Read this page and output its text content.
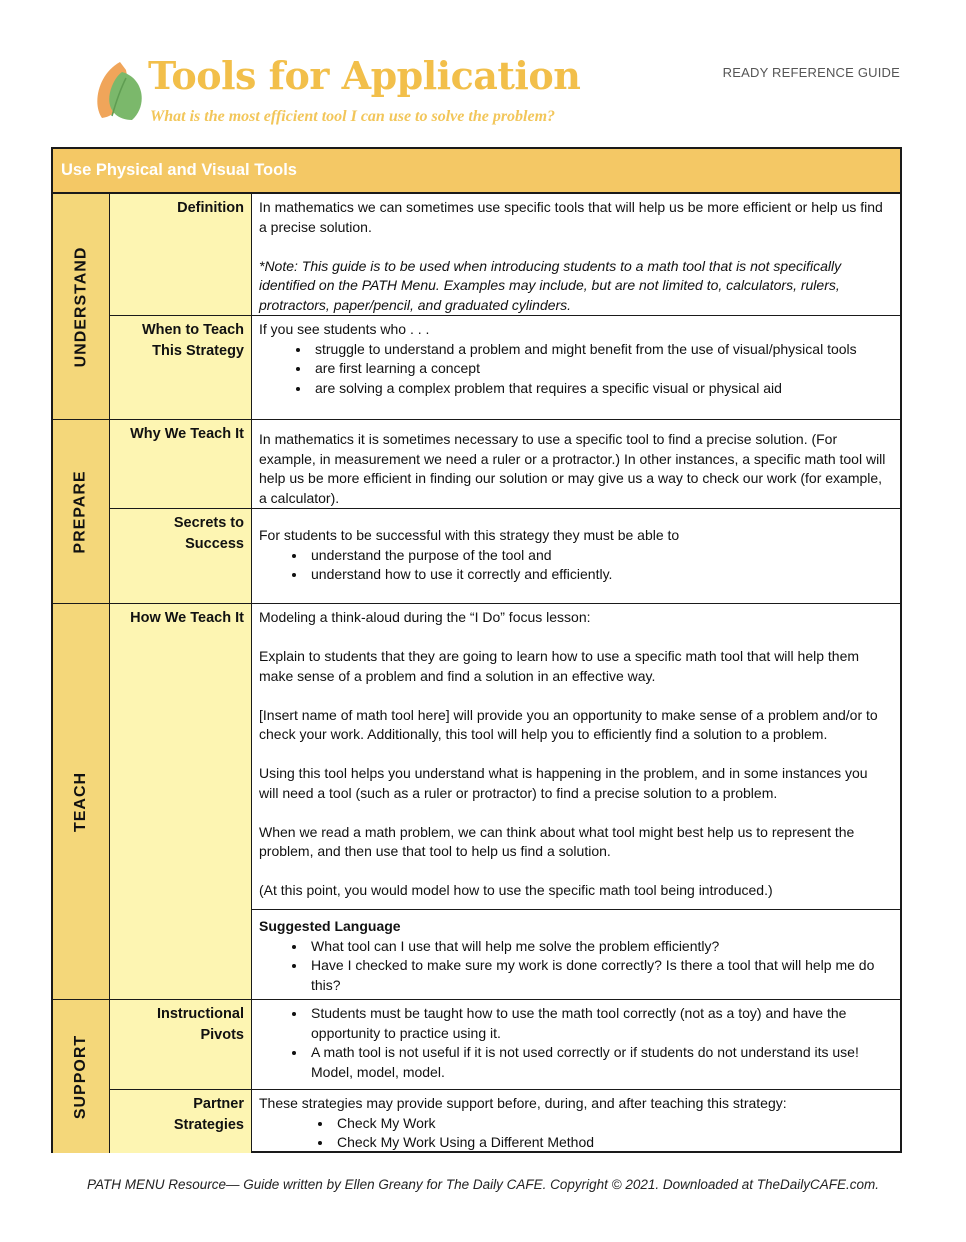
Tools for Application
What is the most efficient tool I can use to solve the problem?
READY REFERENCE GUIDE
Use Physical and Visual Tools
UNDERSTAND
PREPARE
TEACH
SUPPORT
Definition
When to Teach
This Strategy
Why We Teach It
Secrets to
Success
How We Teach It
Instructional
Pivots
Partner
Strategies

In mathematics we can sometimes use specific tools that will help us be more efficient or help us find a precise solution.

*Note: This guide is to be used when introducing students to a math tool that is not specifically identified on the PATH Menu. Examples may include, but are not limited to, calculators, rulers, protractors, paper/pencil, and graduated cylinders.

If you see students who . . .

• struggle to understand a problem and might benefit from the use of visual/physical tools
• are first learning a concept
• are solving a complex problem that requires a specific visual or physical aid

In mathematics it is sometimes necessary to use a specific tool to find a precise solution. (For example, in measurement we need a ruler or a protractor.) In other instances, a specific math tool will help us be more efficient in finding our solution or may give us a way to check our work (for example, a calculator).

For students to be successful with this strategy they must be able to

• understand the purpose of the tool and
• understand how to use it correctly and efficiently.

Modeling a think-aloud during the “I Do” focus lesson:

Explain to students that they are going to learn how to use a specific math tool that will help them make sense of a problem and find a solution in an effective way.

[Insert name of math tool here] will provide you an opportunity to make sense of a problem and/or to check your work. Additionally, this tool will help you to efficiently find a solution to a problem.

Using this tool helps you understand what is happening in the problem, and in some instances you will need a tool (such as a ruler or protractor) to find a precise solution to a problem.

When we read a math problem, we can think about what tool might best help us to represent the problem, and then use that tool to help us find a solution.

(At this point, you would model how to use the specific math tool being introduced.)

Suggested Language

• What tool can I use that will help me solve the problem efficiently?
• Have I checked to make sure my work is done correctly? Is there a tool that will help me do this?
• Students must be taught how to use the math tool correctly (not as a toy) and have the opportunity to practice using it.
• A math tool is not useful if it is not used correctly or if students do not understand its use! Model, model, model.

These strategies may provide support before, during, and after teaching this strategy:

• Check My Work
• Check My Work Using a Different Method
PATH MENU Resource— Guide written by Ellen Greany for The Daily CAFE. Copyright © 2021. Downloaded at TheDailyCAFE.com.
